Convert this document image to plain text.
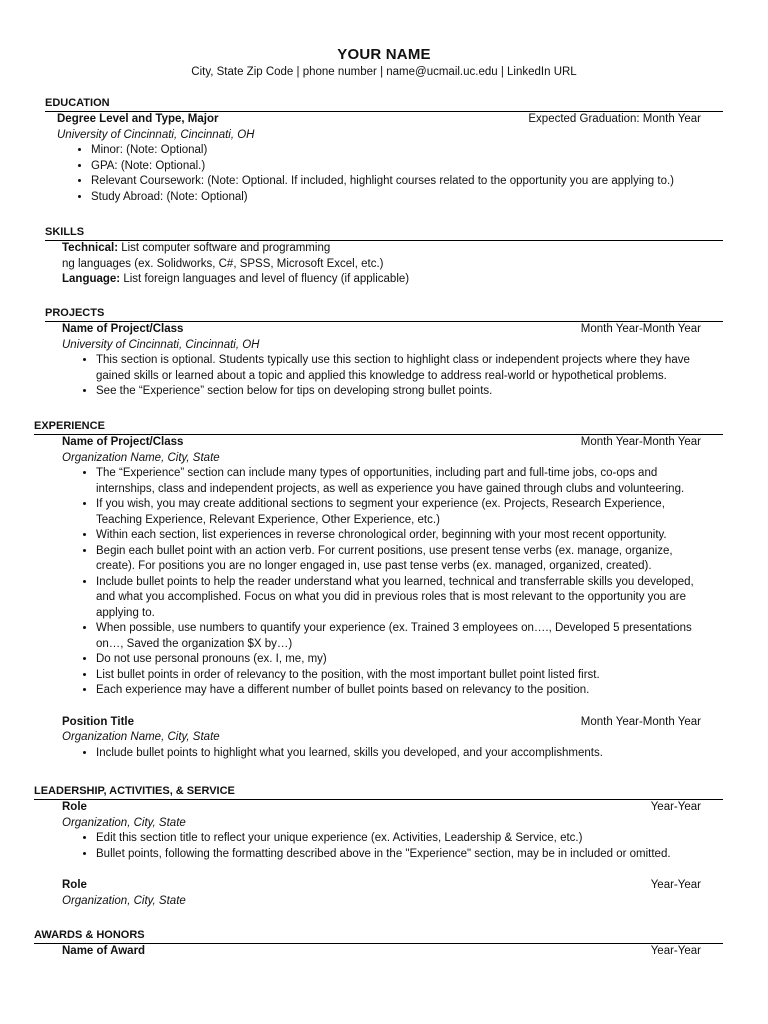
YOUR NAME
City, State Zip Code | phone number | name@ucmail.uc.edu | LinkedIn URL
EDUCATION
Degree Level and Type, Major	Expected Graduation: Month Year
University of Cincinnati, Cincinnati, OH
• Minor: (Note: Optional)
• GPA: (Note: Optional.)
• Relevant Coursework: (Note: Optional. If included, highlight courses related to the opportunity you are applying to.)
• Study Abroad: (Note: Optional)
SKILLS
Technical: List computer software and programming
ng languages (ex. Solidworks, C#, SPSS, Microsoft Excel, etc.)
Language: List foreign languages and level of fluency (if applicable)
PROJECTS
Name of Project/Class	Month Year-Month Year
University of Cincinnati, Cincinnati, OH
• This section is optional. Students typically use this section to highlight class or independent projects where they have gained skills or learned about a topic and applied this knowledge to address real-world or hypothetical problems.
• See the “Experience” section below for tips on developing strong bullet points.
EXPERIENCE
Name of Project/Class	Month Year-Month Year
Organization Name, City, State
• The “Experience” section can include many types of opportunities, including part and full-time jobs, co-ops and internships, class and independent projects, as well as experience you have gained through clubs and volunteering.
• If you wish, you may create additional sections to segment your experience (ex. Projects, Research Experience, Teaching Experience, Relevant Experience, Other Experience, etc.)
• Within each section, list experiences in reverse chronological order, beginning with your most recent opportunity.
• Begin each bullet point with an action verb. For current positions, use present tense verbs (ex. manage, organize, create). For positions you are no longer engaged in, use past tense verbs (ex. managed, organized, created).
• Include bullet points to help the reader understand what you learned, technical and transferrable skills you developed, and what you accomplished. Focus on what you did in previous roles that is most relevant to the opportunity you are applying to.
• When possible, use numbers to quantify your experience (ex. Trained 3 employees on…., Developed 5 presentations on…, Saved the organization $X by…)
• Do not use personal pronouns (ex. I, me, my)
• List bullet points in order of relevancy to the position, with the most important bullet point listed first.
• Each experience may have a different number of bullet points based on relevancy to the position.
Position Title	Month Year-Month Year
Organization Name, City, State
• Include bullet points to highlight what you learned, skills you developed, and your accomplishments.
LEADERSHIP, ACTIVITIES, & SERVICE
Role	Year-Year
Organization, City, State
• Edit this section title to reflect your unique experience (ex. Activities, Leadership & Service, etc.)
• Bullet points, following the formatting described above in the "Experience" section, may be in included or omitted.
Role	Year-Year
Organization, City, State
AWARDS & HONORS
Name of Award	Year-Year
